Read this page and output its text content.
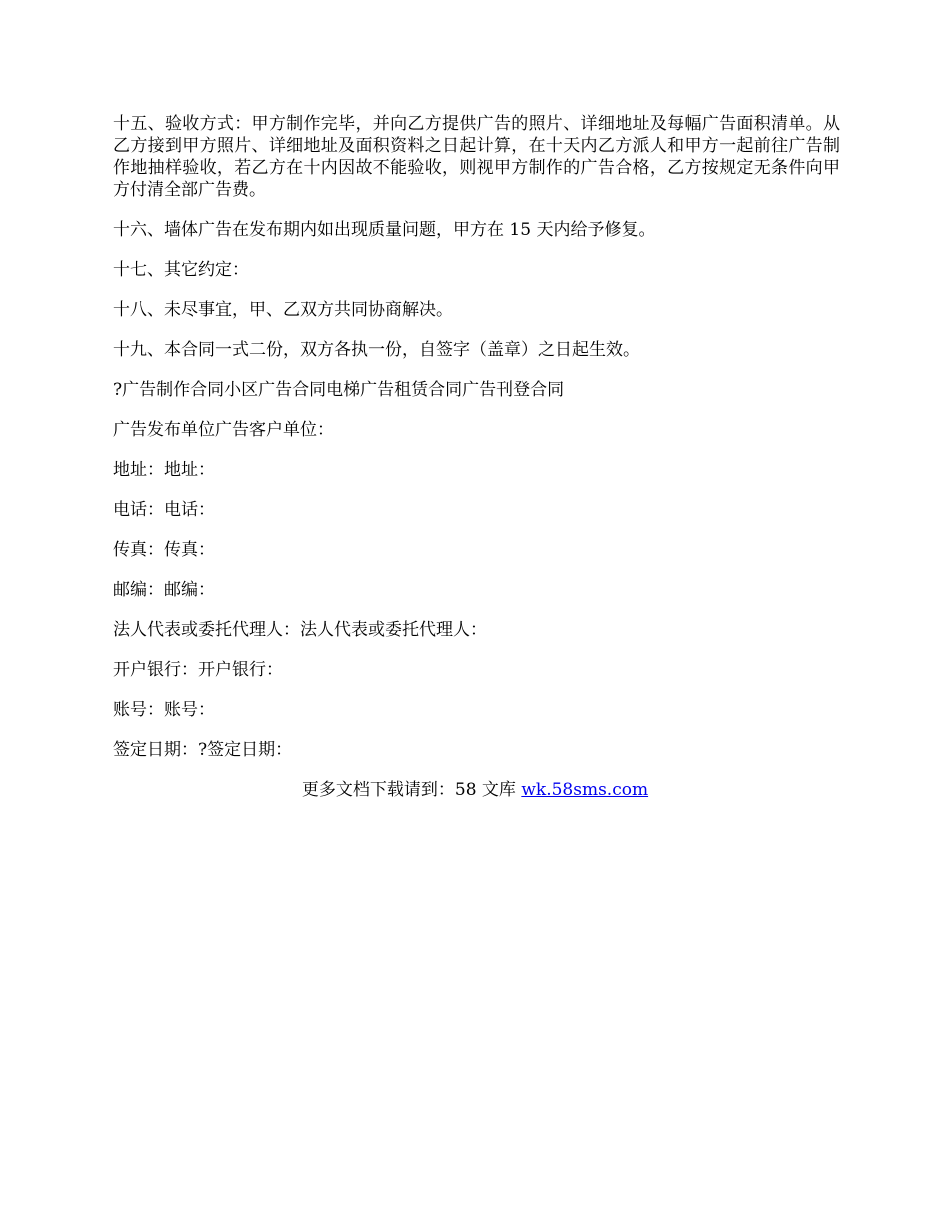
十五、验收方式：甲方制作完毕，并向乙方提供广告的照片、详细地址及每幅广告面积清单。从乙方接到甲方照片、详细地址及面积资料之日起计算，在十天内乙方派人和甲方一起前往广告制作地抽样验收，若乙方在十内因故不能验收，则视甲方制作的广告合格，乙方按规定无条件向甲方付清全部广告费。

十六、墙体广告在发布期内如出现质量问题，甲方在 15 天内给予修复。

十七、其它约定：

十八、未尽事宜，甲、乙双方共同协商解决。

十九、本合同一式二份，双方各执一份，自签字（盖章）之日起生效。

?广告制作合同小区广告合同电梯广告租赁合同广告刊登合同

广告发布单位广告客户单位：

地址：地址：

电话：电话：

传真：传真：

邮编：邮编：

法人代表或委托代理人：法人代表或委托代理人：

开户银行：开户银行：

账号：账号：

签定日期：?签定日期：

更多文档下载请到：58 文库 wk.58sms.com
